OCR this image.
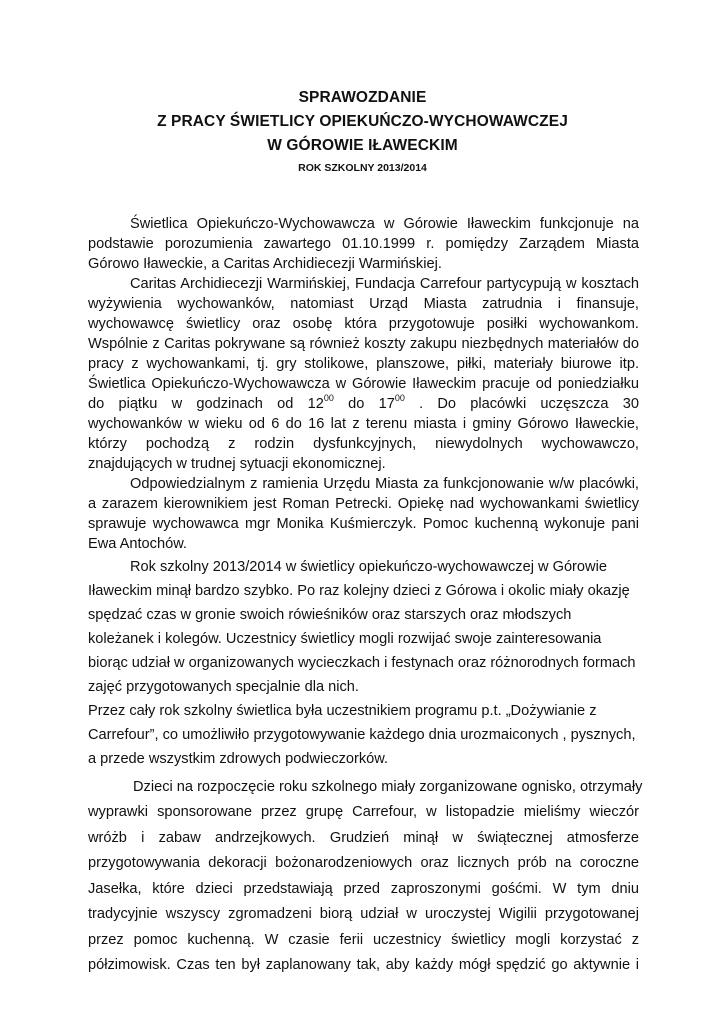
SPRAWOZDANIE
Z PRACY ŚWIETLICY OPIEKUŃCZO-WYCHOWAWCZEJ
W GÓROWIE IŁAWECKIM
ROK SZKOLNY 2013/2014
Świetlica Opiekuńczo-Wychowawcza w Górowie Iławeckim funkcjonuje na
podstawie porozumienia zawartego 01.10.1999 r. pomiędzy Zarządem Miasta
Górowo Iławeckie, a Caritas Archidiecezji Warmińskiej.
Caritas Archidiecezji Warmińskiej, Fundacja Carrefour partycypują w kosztach
wyżywienia wychowanków, natomiast Urząd Miasta zatrudnia i finansuje,
wychowawcę świetlicy oraz osobę która przygotowuje posiłki wychowankom.
Wspólnie z Caritas pokrywane są również koszty zakupu niezbędnych materiałów do
pracy z wychowankami, tj. gry stolikowe, planszowe, piłki, materiały biurowe itp.
Świetlica Opiekuńczo-Wychowawcza w Górowie Iławeckim pracuje od poniedziałku
do piątku w godzinach od $12^{00}$ do $17^{00}$ . Do placówki uczęszcza 30
wychowanków w wieku od 6 do 16 lat z terenu miasta i gminy Górowo Iławeckie,
którzy pochodzą z rodzin dysfunkcyjnych, niewydolnych wychowawczo,
znajdujących w trudnej sytuacji ekonomicznej.
Odpowiedzialnym z ramienia Urzędu Miasta za funkcjonowanie w/w placówki,
a zarazem kierownikiem jest Roman Petrecki. Opiekę nad wychowankami świetlicy
sprawuje wychowawca mgr Monika Kuśmierczyk. Pomoc kuchenną wykonuje pani
Ewa Antochów.
Rok szkolny 2013/2014 w świetlicy opiekuńczo-wychowawczej w Górowie
Iławeckim minął bardzo szybko. Po raz kolejny dzieci z Górowa i okolic miały okazję
spędzać czas w gronie swoich rówieśników oraz starszych oraz młodszych
koleżanek i kolegów. Uczestnicy świetlicy mogli rozwijać swoje zainteresowania
biorąc udział w organizowanych wycieczkach i festynach oraz różnorodnych formach
zajęć przygotowanych specjalnie dla nich.
Przez cały rok szkolny świetlica była uczestnikiem programu p.t. „Dożywianie z
Carrefour”, co umożliwiło przygotowywanie każdego dnia urozmaiconych , pysznych,
a przede wszystkim zdrowych podwieczorków.
Dzieci na rozpoczęcie roku szkolnego miały zorganizowane ognisko, otrzymały
wyprawki sponsorowane przez grupę Carrefour, w listopadzie mieliśmy wieczór
wróżb i zabaw andrzejkowych. Grudzień minął w świątecznej atmosferze
przygotowywania dekoracji bożonarodzeniowych oraz licznych prób na coroczne
Jasełka, które dzieci przedstawiają przed zaproszonymi gośćmi. W tym dniu
tradycyjnie wszyscy zgromadzeni biorą udział w uroczystej Wigilii przygotowanej
przez pomoc kuchenną. W czasie ferii uczestnicy świetlicy mogli korzystać z
półzimowisk. Czas ten był zaplanowany tak, aby każdy mógł spędzić go aktywnie i
